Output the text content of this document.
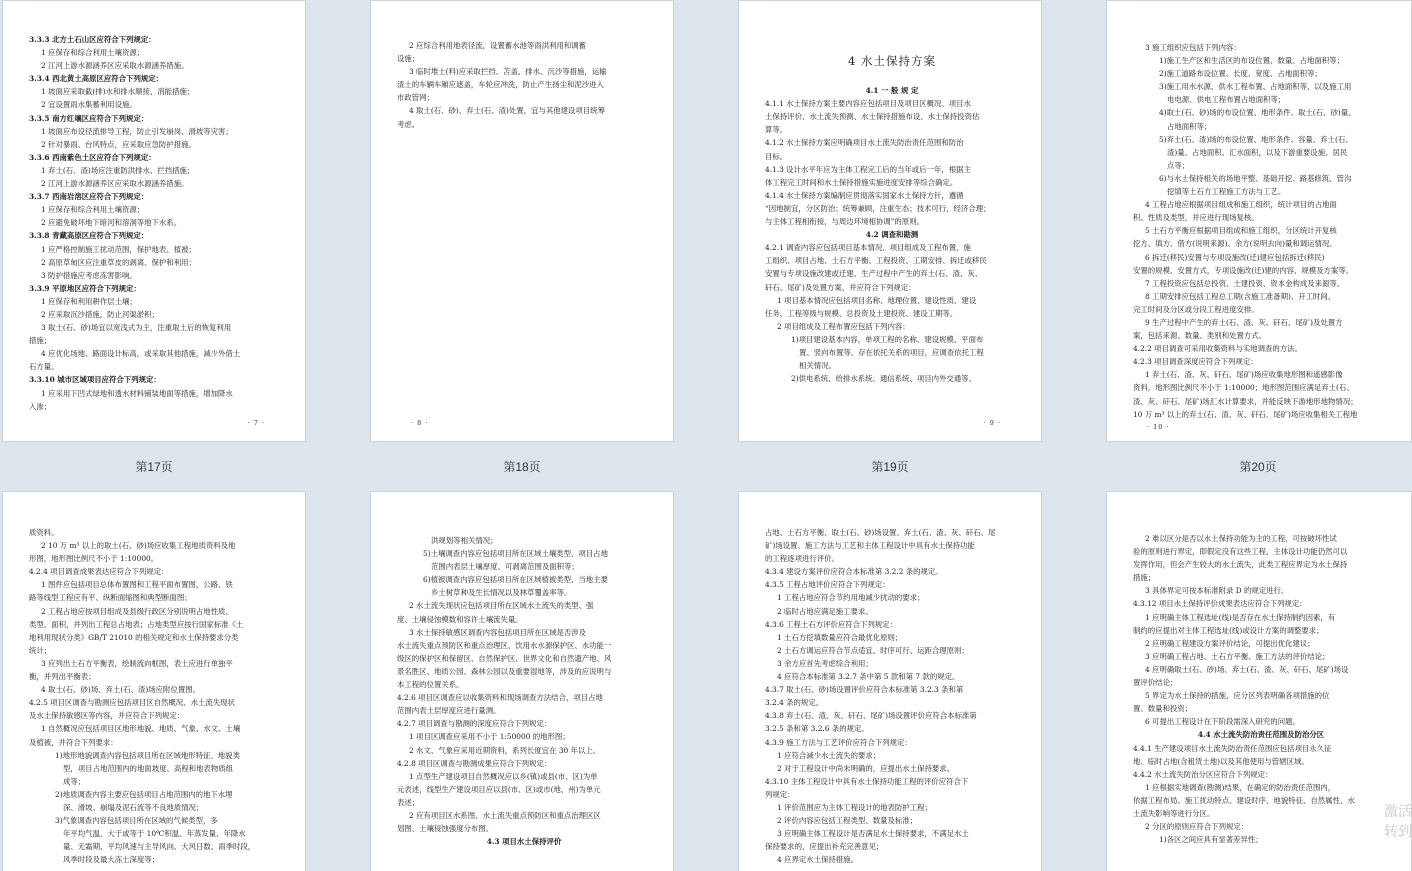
3.3.3 北方土石山区应符合下列规定：
1 应保存和综合利用土壤资源；
2 江河上游水源涵养区应采取水源涵养措施。
3.3.4 西北黄土高原区应符合下列规定：
1 坡面应采取截(排)水和排水顺接、消能措施；
2 宜设置雨水集蓄利用设施。
3.3.5 南方红壤区应符合下列规定：
1 坡面应布设径流排导工程，防止引发崩岗、滑坡等灾害；
2 针对暴雨、台风特点，应采取应急防护措施。
3.3.6 西南紫色土区应符合下列规定：
1 弃土(石、渣)场应注重防洪排水、拦挡措施；
2 江河上游水源涵养区应采取水源涵养措施。
3.3.7 西南岩溶区应符合下列规定：
1 应保存和综合利用土壤资源；
2 应避免破坏地下暗河和溶洞等地下水系。
3.3.8 青藏高原区应符合下列规定：
1 应严格控制施工扰动范围，保护地表、植被；
2 高原草甸区应注重草皮的剥离、保护和利用；
3 防护措施应考虑冻害影响。
3.3.9 平原地区应符合下列规定：
1 应保存和利用耕作层土壤；
2 应采取沉沙措施，防止河渠淤积；
3 取土(石、砂)场宜以宽浅式为主，注重取土后的恢复利用
措施；
4 应优化场地、路面设计标高，或采取其他措施，减少外借土
石方量。
3.3.10 城市区域项目应符合下列规定：
1 应采用下凹式绿地和透水材料铺装地面等措施，增加降水
入渗；
· 7 ·
第17页
2 应综合利用地表径流，设置蓄水池等雨洪利用和调蓄
设施；
3 临时堆土(料)应采取拦挡、苫盖、排水、沉沙等措施，运输
渣土的车辆车厢应遮盖，车轮应冲洗，防止产生扬尘和泥沙进入
市政管网；
4 取土(石、砂)、弃土(石、渣)处置，宜与其他建设项目统筹
考虑。
· 8 ·
第18页
4 水土保持方案
4.1 一 般 规 定
4.1.1 水土保持方案主要内容应包括项目及项目区概况、项目水
土保持评价、水土流失预测、水土保持措施布设、水土保持投资估
算等。
4.1.2 水土保持方案应明确项目水土流失防治责任范围和防治
目标。
4.1.3 设计水平年应为主体工程完工后的当年或后一年，根据主
体工程完工时间和水土保持措施实施进度安排等综合确定。
4.1.4 水土保持方案编制应贯彻落实国家水土保持方针，遵循
“因地制宜，分区防治；统筹兼顾，注重生态；技术可行，经济合理；
与主体工程相衔接，与周边环境相协调”的原则。
4.2 调查和勘测
4.2.1 调查内容应包括项目基本情况、项目组成及工程布置、施
工组织、项目占地、土石方平衡、工程投资、工期安排、拆迁或移民
安置与专项设施改建或迁建、生产过程中产生的弃土(石、渣、灰、
矸石、尾矿)及处置方案、并应符合下列规定：
1 项目基本情况应包括项目名称、地理位置、建设性质、建设
任务、工程等级与规模、总投资及土建投资、建设工期等。
2 项目组成及工程布置应包括下列内容：
1)项目建设基本内容，单项工程的名称、建设规模、平面布
置、竖向布置等。存在依托关系的项目，应调查依托工程
相关情况。
2)供电系统、给排水系统、通信系统、项目内外交通等。
· 9 ·
第19页
3 施工组织应包括下列内容：
1)施工生产区和生活区的布设位置、数量、占地面积等；
2)施工道路布设位置、长度、宽度、占地面积等；
3)施工用水水源、供水工程布置、占地面积等，以及施工用
电电源、供电工程布置占地面积等；
4)取土(石、砂)场的布设位置、地形条件、取土(石、砂)量、
占地面积等；
5)弃土(石、渣)场的布设位置、地形条件、容量、弃土(石、
渣)量、占地面积、汇水面积，以及下游重要设施、居民
点等；
6)与水土保持相关的场地平整、基础开挖、路基修筑、管沟
挖填等土石方工程施工方法与工艺。
4 工程占地应根据项目组成和施工组织，统计项目的占地面
积、性质及类型，并应进行现场复核。
5 土石方平衡应根据项目组成和施工组织，分区统计开复核
挖方、填方、借方(说明来源)、余方(说明去向)量和调运情况。
6 拆迁(移民)安置与专项设施改(迁)建应包括拆迁(移民)
安置的规模、安置方式，专项设施改(迁)建的内容、规模及方案等。
7 工程投资应包括总投资、土建投资、资本金构成及来源等。
8 工期安排应包括工程总工期(含施工准备期)、开工时间、
完工时间及分区或分段工程进度安排。
9 生产过程中产生的弃土(石、渣、灰、矸石、尾矿)及处置方
案，包括来源、数量、类别和处置方式。
4.2.2 项目调查可采用收集资料与实地调查的方法。
4.2.3 项目调查深度应符合下列规定：
1 弃土(石、渣、灰、矸石、尾矿)场应收集地形图和遥感影像
资料，地形图比例尺不小于 1:10000；地形图范围应满足弃土(石、
渣、灰、矸石、尾矿)场汇水计算要求，并能反映下游地形地物情况；
10 万 m³ 以上的弃土(石、渣、灰、矸石、尾矿)场应收集相关工程地
· 10 ·
第20页
质资料。
2 10 万 m³ 以上的取土(石、砂)场应收集工程地质资料及地
形图，地形图比例尺不小于 1:10000。
4.2.4 项目调查成果表达应符合下列规定：
1 图件应包括项目总体布置图和工程平面布置图，公路、铁
路等线型工程应有平、纵断面缩图和典型断面图；
2 工程占地应按项目组成及县级行政区分别说明占地性质、
类型、面积，并列出工程总占地表；占地类型应按行国家标准《土
地利用现状分类》GB/T 21010 的相关规定和水土保持要求分类
统计；
3 应列出土石方平衡表，绘制流向框图，表土应进行单独平
衡，并列出平衡表；
4 取土(石、砂)场、弃土(石、渣)场应附位置图。
4.2.5 项目区调查与勘测应包括项目区自然概况、水土流失现状
及水土保持敏感区等内容，并应符合下列规定：
1 自然概况应包括项目区地形地貌、地质、气象、水文、土壤
及植被，并符合下列要求：
1)地形地貌调查内容包括项目所在区域地形特征、地貌类
型，项目占地范围内的地面坡度、高程和地表物质组
成等；
2)地质调查内容主要应包括项目占地范围内的地下水埋
深、滑坡、崩塌及泥石流等不良地质情况；
3)气象调查内容包括项目所在区域的气候类型，多
年平均气温、大于或等于 10℃积温、年蒸发量、年降水
量、无霜期、平均风速与主导风向、大风日数、雨季时段，
风季时段及最大冻土深度等；
洪规划等相关情况；
5)土壤调查内容应包括项目所在区域土壤类型、项目占地
范围内表层土壤厚度、可剥离范围及面积等；
6)植被调查内容应包括项目所在区域植被类型、当地主要
乡土树草种及生长情况以及林草覆盖率等。
2 水土流失现状应包括项目所在区域水土流失的类型、强
度、土壤侵蚀模数和容许土壤流失量。
3 水土保持敏感区调查内容包括项目所在区域是否涉及
水土流失重点预防区和重点治理区、饮用水水源保护区、水功能一
级区的保护区和保留区、自然保护区、世界文化和自然遗产地、风
景名胜区、地质公园、森林公园以及重要湿地等，涉及的应说明与
本工程的位置关系。
4.2.6 项目区调查应以收集资料和现场调查方法结合，项目占地
范围内表土层厚度应进行量测。
4.2.7 项目调查与勘测的深度应符合下列规定：
1 项目区调查应采用不小于 1:50000 的地形图；
2 水文、气象应采用近期资料，系列长度宜在 30 年以上。
4.2.8 项目区调查与勘测成果应符合下列规定：
1 点型生产建设项目自然概况应以乡(镇)或县(市、区)为单
元表述，线型生产建设项目应以县(市、区)或市(地、州)为单元
表述；
2 应有项目区水系图、水土流失重点预防区和重点治理区区
划图、土壤侵蚀强度分布图。
4.3 项目水土保持评价
占地、土石方平衡、取土(石、砂)场设置、弃土(石、渣、灰、矸石、尾
矿)场设置、施工方法与工艺和主体工程设计中具有水土保持功能
的工程逐项进行评价。
4.3.4 建设方案评价应符合本标准第 3.2.2 条的规定。
4.3.5 工程占地评价应符合下列规定：
1 工程占地应符合节约用地减少扰动的要求；
2 临时占地应满足施工要求。
4.3.6 工程土石方评价应符合下列规定：
1 土石方挖填数量应符合最优化原则；
2 土石方调运应符合节点适宜、时序可行、运距合理原则；
3 余方应首先考虑综合利用；
4 应符合本标准第 3.2.7 条中第 5 款和第 7 款的规定。
4.3.7 取土(石、砂)场设置评价应符合本标准第 3.2.3 条和第
3.2.4 条的规定。
4.3.8 弃土(石、渣、灰、矸石、尾矿)场设置评价应符合本标准第
3.2.5 条和第 3.2.6 条的规定。
4.3.9 施工方法与工艺评价应符合下列规定：
1 应符合减少水土流失的要求；
2 对于工程设计中尚未明确的，应提出水土保持要求。
4.3.10 主体工程设计中具有水土保持功能工程的评价应符合下
列规定：
1 评价范围应为主体工程设计的地表防护工程；
2 评价内容应包括工程类型、数量及标准；
3 应明确主体工程设计是否满足水土保持要求，不满足水土
保持要求的，应提出补充完善意见；
4 应界定水土保持措施。
2 难以区分是否以水土保持功能为主的工程，可按破坏性试
验的原则进行界定，即假定没有这些工程，主体设计功能仍然可以
发挥作用，但会产生较大的水土流失，此类工程应界定为水土保持
措施；
3 具体界定可按本标准附录 D 的规定进行。
4.3.12 项目水土保持评价成果表达应符合下列规定：
1 应明确主体工程选址(线)是否存在水土保持制约因素，有
制约的应提出对主体工程选址(线)或设计方案的调整要求；
2 应明确工程建设方案评价结论，可提出优化建议；
3 应明确工程占地、土石方平衡、施工方法的评价结论；
4 应明确取土(石、砂)场、弃土(石、渣、灰、矸石、尾矿)场设
置评价结论；
5 界定为水土保持的措施，应分区列表明确各项措施的位
置、数量和投资；
6 可提出工程设计在下阶段需深入研究的问题。
4.4 水土流失防治责任范围及防治分区
4.4.1 生产建设项目水土流失防治责任范围应包括项目永久征
地、临时占地(含租赁土地)以及其他使用与管辖区域。
4.4.2 水土流失防治分区应符合下列规定：
1 应根据实地调查(勘测)结果，在确定的防治责任范围内，
依据工程布局、施工扰动特点、建设时序、地貌特征、自然属性、水
土流失影响等进行分区。
2 分区的原则应符合下列规定：
1)各区之间应具有显著差异性；
激活
转到
